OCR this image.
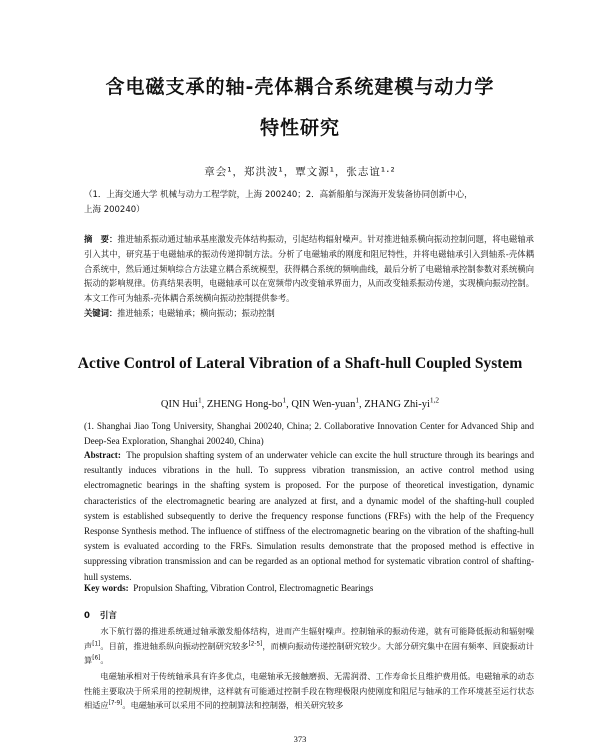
含电磁支承的轴-壳体耦合系统建模与动力学
特性研究
章会¹，郑洪波¹，覃文源¹，张志谊¹·²
（1．上海交通大学 机械与动力工程学院，上海 200240；2．高新船舶与深海开发装备协同创新中心，
上海 200240）
摘　要：推进轴系振动通过轴承基座激发壳体结构振动，引起结构辐射噪声。针对推进轴系横向振动控制问题，将电磁轴承引入其中，研究基于电磁轴承的振动传递抑制方法。分析了电磁轴承的刚度和阻尼特性，并将电磁轴承引入到轴系-壳体耦合系统中，然后通过频响综合方法建立耦合系统模型，获得耦合系统的频响曲线，最后分析了电磁轴承控制参数对系统横向振动的影响规律。仿真结果表明，电磁轴承可以在宽频带内改变轴承界面力，从而改变轴系振动传递，实现横向振动控制。本文工作可为轴系-壳体耦合系统横向振动控制提供参考。
关键词：推进轴系；电磁轴承；横向振动；振动控制
Active Control of Lateral Vibration of a Shaft-hull Coupled System
QIN Hui$^1$, ZHENG Hong-$bo^1$, QIN Wen-yuan$^1$, ZHANG Zhi-yi$^{1,2}$
(1. Shanghai Jiao Tong University, Shanghai 200240, China; 2. Collaborative Innovation Center for Advanced Ship and Deep-Sea Exploration, Shanghai 200240, China)
Abstract: The propulsion shafting system of an underwater vehicle can excite the hull structure through its bearings and resultantly induces vibrations in the hull. To suppress vibration transmission, an active control method using electromagnetic bearings in the shafting system is proposed. For the purpose of theoretical investigation, dynamic characteristics of the electromagnetic bearing are analyzed at first, and a dynamic model of the shafting-hull coupled system is established subsequently to derive the frequency response functions (FRFs) with the help of the Frequency Response Synthesis method. The influence of stiffness of the electromagnetic bearing on the vibration of the shafting-hull system is evaluated according to the FRFs. Simulation results demonstrate that the proposed method is effective in suppressing vibration transmission and can be regarded as an optional method for systematic vibration control of shafting-hull systems.
Key words: Propulsion Shafting, Vibration Control, Electromagnetic Bearings
0 引言

水下航行器的推进系统通过轴承激发船体结构，进而产生辐射噪声。控制轴承的振动传递，就有可能降低振动和辐射噪声[1]。目前，推进轴系纵向振动控制研究较多[2-5]，而横向振动传递控制研究较少。大部分研究集中在固有频率、回旋振动计算[6]。

电磁轴承相对于传统轴承具有许多优点，电磁轴承无接触磨损、无需润滑、工作寿命长且维护费用低。电磁轴承的动态性能主要取决于所采用的控制规律，这样就有可能通过控制手段在物理极限内使刚度和阻尼与轴承的工作环境甚至运行状态相适应[7-9]。电磁轴承可以采用不同的控制算法和控制器，相关研究较多

373
